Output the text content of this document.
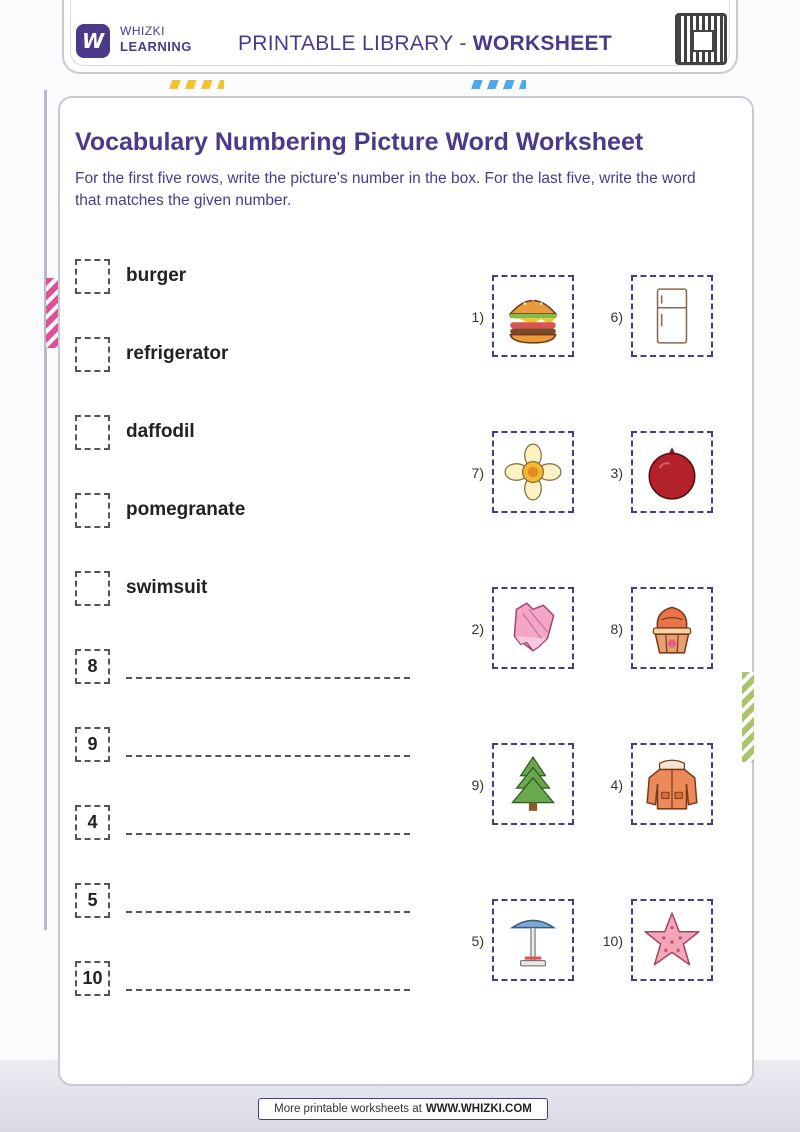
W WHIZKI
LEARNING PRINTABLE LIBRARY - WORKSHEET
Vocabulary Numbering Picture Word Worksheet
For the first five rows, write the picture's number in the box. For the last five, write the word that matches the given number.
burger
refrigerator
daffodil
pomegranate
swimsuit
8
9
4
5
10
1)	6)
7)	3)
2)	8)
9)	4)
5)	10)
More printable worksheets at WWW.WHIZKI.COM
